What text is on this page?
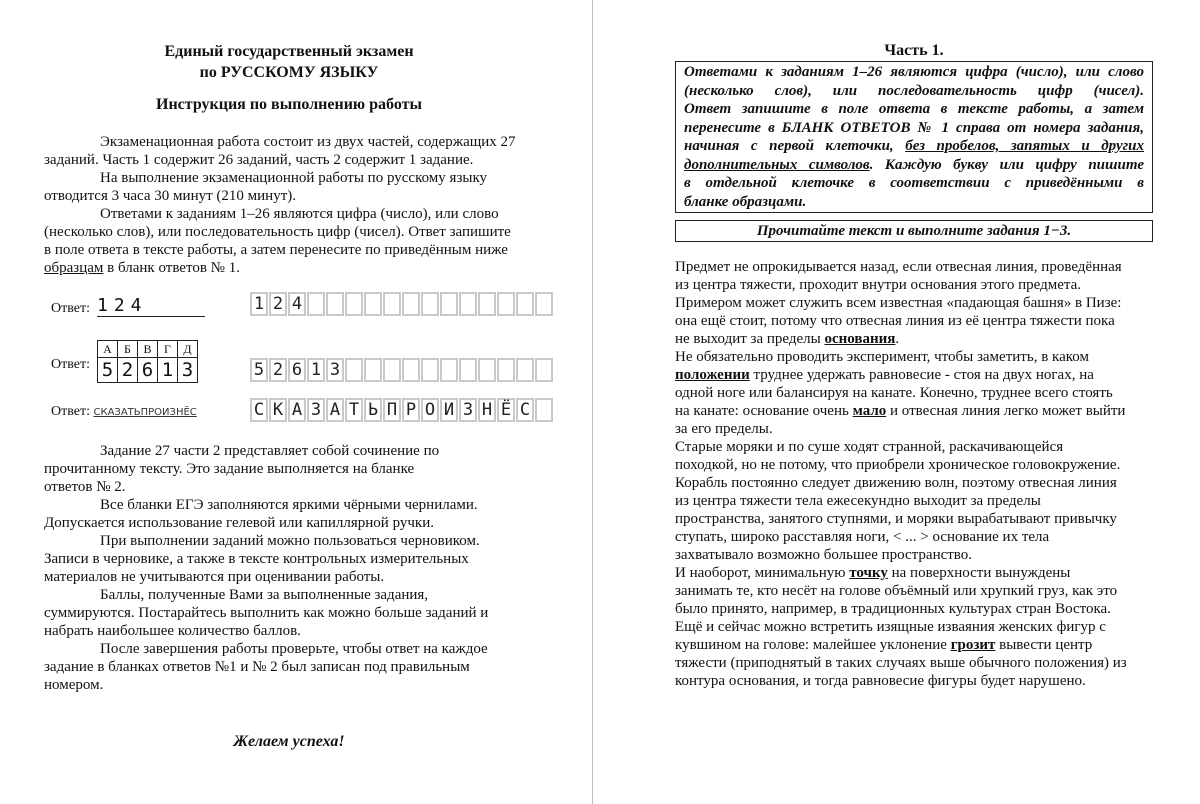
Единый государственный экзамен
по РУССКОМУ ЯЗЫКУ
Инструкция по выполнению работы
Экзаменационная работа состоит из двух частей, содержащих 27
заданий. Часть 1 содержит 26 заданий, часть 2 содержит 1 задание.
На выполнение экзаменационной работы по русскому языку
отводится 3 часа 30 минут (210 минут).
Ответами к заданиям 1–26 являются цифра (число), или слово
(несколько слов), или последовательность цифр (чисел). Ответ запишите
в поле ответа в тексте работы, а затем перенесите по приведённым ниже
образцам в бланк ответов № 1.
Ответ: 124	1 2 4
Ответ:
А	Б	В	Г	Д
5	2	6	1	3	5 2 6 1 3
Ответ: СКАЗАТЬПРОИЗНЁС	С К А З А Т Ь П Р О И З Н Ё С
Задание 27 части 2 представляет собой сочинение по
прочитанному тексту. Это задание выполняется на бланке
ответов № 2.
Все бланки ЕГЭ заполняются яркими чёрными чернилами.
Допускается использование гелевой или капиллярной ручки.
При выполнении заданий можно пользоваться черновиком.
Записи в черновике, а также в тексте контрольных измерительных
материалов не учитываются при оценивании работы.
Баллы, полученные Вами за выполненные задания,
суммируются. Постарайтесь выполнить как можно больше заданий и
набрать наибольшее количество баллов.
После завершения работы проверьте, чтобы ответ на каждое
задание в бланках ответов №1 и № 2 был записан под правильным
номером.
Желаем успеха!
Часть 1.
Ответами к заданиям 1–26 являются цифра (число), или слово
(несколько слов), или последовательность цифр (чисел).
Ответ запишите в поле ответа в тексте работы, а затем
перенесите в БЛАНК ОТВЕТОВ № 1 справа от номера задания,
начиная с первой клеточки, без пробелов, запятых и других
дополнительных символов. Каждую букву или цифру пишите
в отдельной клеточке в соответствии с приведёнными в
бланке образцами.
Прочитайте текст и выполните задания 1−3.
Предмет не опрокидывается назад, если отвесная линия, проведённая
из центра тяжести, проходит внутри основания этого предмета.
Примером может служить всем известная «падающая башня» в Пизе:
она ещё стоит, потому что отвесная линия из её центра тяжести пока
не выходит за пределы основания.
Не обязательно проводить эксперимент, чтобы заметить, в каком
положении труднее удержать равновесие - стоя на двух ногах, на
одной ноге или балансируя на канате. Конечно, труднее всего стоять
на канате: основание очень мало и отвесная линия легко может выйти
за его пределы.
Старые моряки и по суше ходят странной, раскачивающейся
походкой, но не потому, что приобрели хроническое головокружение.
Корабль постоянно следует движению волн, поэтому отвесная линия
из центра тяжести тела ежесекундно выходит за пределы
пространства, занятого ступнями, и моряки вырабатывают привычку
ступать, широко расставляя ноги, < ... > основание их тела
захватывало возможно большее пространство.
И наоборот, минимальную точку на поверхности вынуждены
занимать те, кто несёт на голове объёмный или хрупкий груз, как это
было принято, например, в традиционных культурах стран Востока.
Ещё и сейчас можно встретить изящные изваяния женских фигур с
кувшином на голове: малейшее уклонение грозит вывести центр
тяжести (приподнятый в таких случаях выше обычного положения) из
контура основания, и тогда равновесие фигуры будет нарушено.
